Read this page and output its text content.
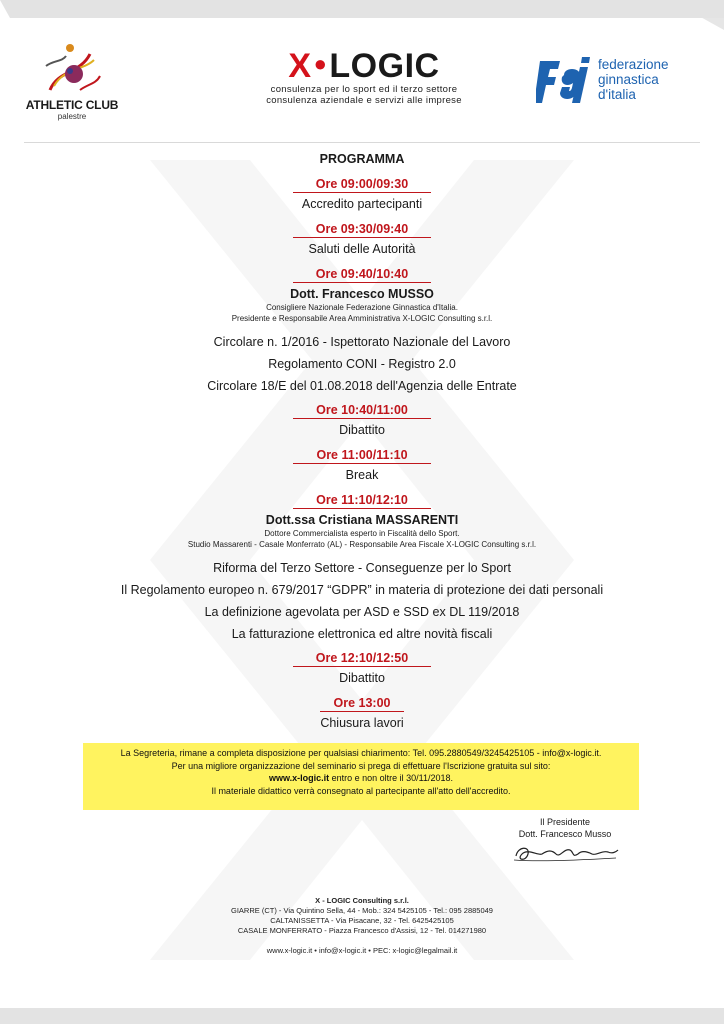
ATHLETIC CLUB
palestre
X●LOGIC
consulenza per lo sport ed il terzo settore
consulenza aziendale e servizi alle imprese
federazione
ginnastica
d'italia
PROGRAMMA
Ore 09:00/09:30
Accredito partecipanti
Ore 09:30/09:40
Saluti delle Autorità
Ore 09:40/10:40
Dott. Francesco MUSSO
Consigliere Nazionale Federazione Ginnastica d'Italia.
Presidente e Responsabile Area Amministrativa X-LOGIC Consulting s.r.l.
Circolare n. 1/2016 - Ispettorato Nazionale del Lavoro
Regolamento CONI - Registro 2.0
Circolare 18/E del 01.08.2018 dell'Agenzia delle Entrate
Ore 10:40/11:00
Dibattito
Ore 11:00/11:10
Break
Ore 11:10/12:10
Dott.ssa Cristiana MASSARENTI
Dottore Commercialista esperto in Fiscalità dello Sport.
Studio Massarenti - Casale Monferrato (AL) - Responsabile Area Fiscale X-LOGIC Consulting s.r.l.
Riforma del Terzo Settore - Conseguenze per lo Sport
Il Regolamento europeo n. 679/2017 “GDPR” in materia di protezione dei dati personali
La definizione agevolata per ASD e SSD ex DL 119/2018
La fatturazione elettronica ed altre novità fiscali
Ore 12:10/12:50
Dibattito
Ore 13:00
Chiusura lavori
La Segreteria, rimane a completa disposizione per qualsiasi chiarimento: Tel. 095.2880549/3245425105 - info@x-logic.it.
Per una migliore organizzazione del seminario si prega di effettuare l'Iscrizione gratuita sul sito:
www.x-logic.it entro e non oltre il 30/11/2018.
Il materiale didattico verrà consegnato al partecipante all'atto dell'accredito.
Il Presidente
Dott. Francesco Musso
X - LOGIC Consulting s.r.l.
GIARRE (CT) - Via Quintino Sella, 44 - Mob.: 324 5425105 - Tel.: 095 2885049
CALTANISSETTA - Via Pisacane, 32 - Tel. 6425425105
CASALE MONFERRATO - Piazza Francesco d'Assisi, 12 - Tel. 014271980
www.x-logic.it • info@x-logic.it • PEC: x-logic@legalmail.it
